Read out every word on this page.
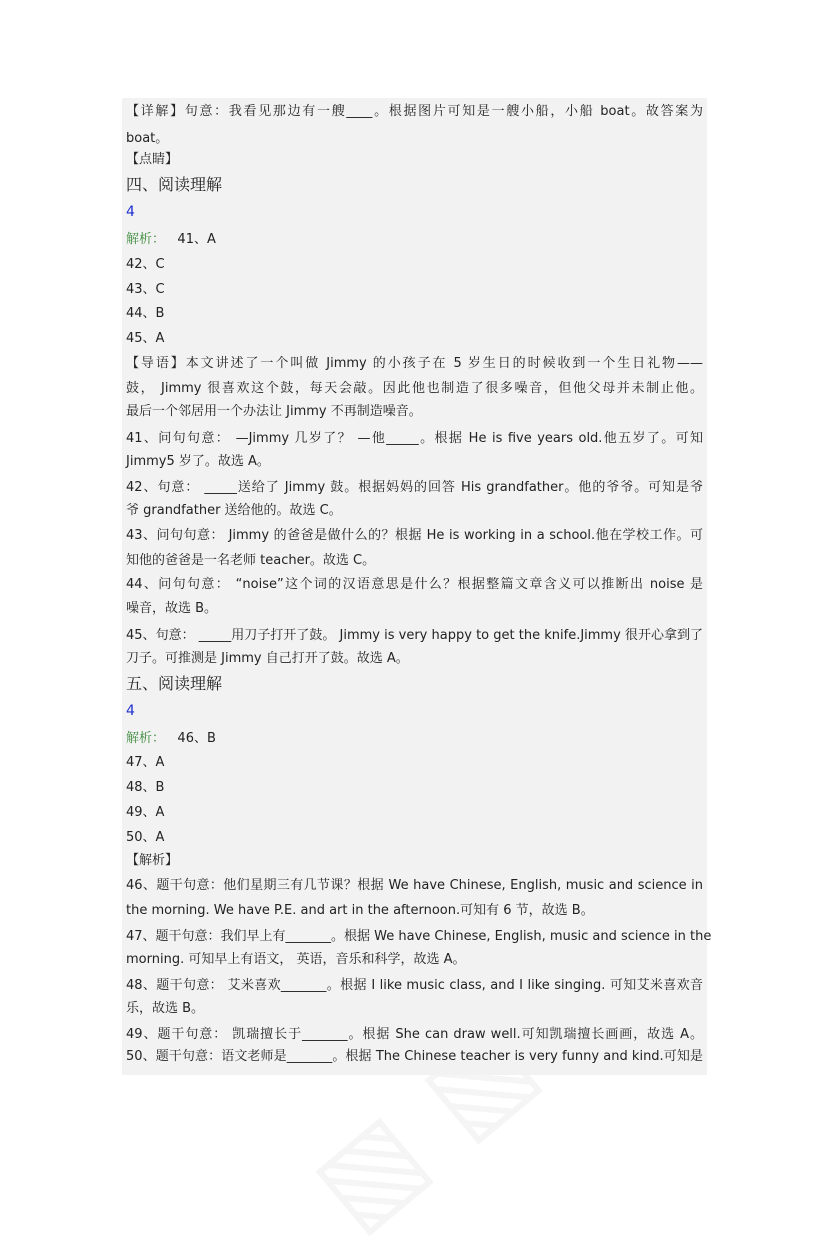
【详解】句意：我看见那边有一艘____。根据图片可知是一艘小船，小船 boat。故答案为
boat。
【点睛】
四、阅读理解
4
解析： 41、A
42、C
43、C
44、B
45、A
【导语】本文讲述了一个叫做 Jimmy 的小孩子在 5 岁生日的时候收到一个生日礼物——
鼓， Jimmy 很喜欢这个鼓，每天会敲。因此他也制造了很多噪音，但他父母并未制止他。
最后一个邻居用一个办法让 Jimmy 不再制造噪音。
41、问句句意： —Jimmy 几岁了？ —他_____。根据 He is five years old.他五岁了。可知
Jimmy5 岁了。故选 A。
42、句意： _____送给了 Jimmy 鼓。根据妈妈的回答 His grandfather。他的爷爷。可知是爷
爷 grandfather 送给他的。故选 C。
43、问句句意： Jimmy 的爸爸是做什么的？根据 He is working in a school.他在学校工作。可
知他的爸爸是一名老师 teacher。故选 C。
44、问句句意： “noise”这个词的汉语意思是什么？根据整篇文章含义可以推断出 noise 是
噪音，故选 B。
45、句意： _____用刀子打开了鼓。 Jimmy is very happy to get the knife.Jimmy 很开心拿到了
刀子。可推测是 Jimmy 自己打开了鼓。故选 A。
五、阅读理解
4
解析： 46、B
47、A
48、B
49、A
50、A
【解析】
46、题干句意：他们星期三有几节课？根据 We have Chinese, English, music and science in
the morning. We have P.E. and art in the afternoon.可知有 6 节，故选 B。
47、题干句意：我们早上有_______。根据 We have Chinese, English, music and science in the
morning. 可知早上有语文， 英语，音乐和科学，故选 A。
48、题干句意： 艾米喜欢_______。根据 I like music class, and I like singing. 可知艾米喜欢音
乐，故选 B。
49、题干句意： 凯瑞擅长于_______。根据 She can draw well.可知凯瑞擅长画画，故选 A。
50、题干句意：语文老师是_______。根据 The Chinese teacher is very funny and kind.可知是
